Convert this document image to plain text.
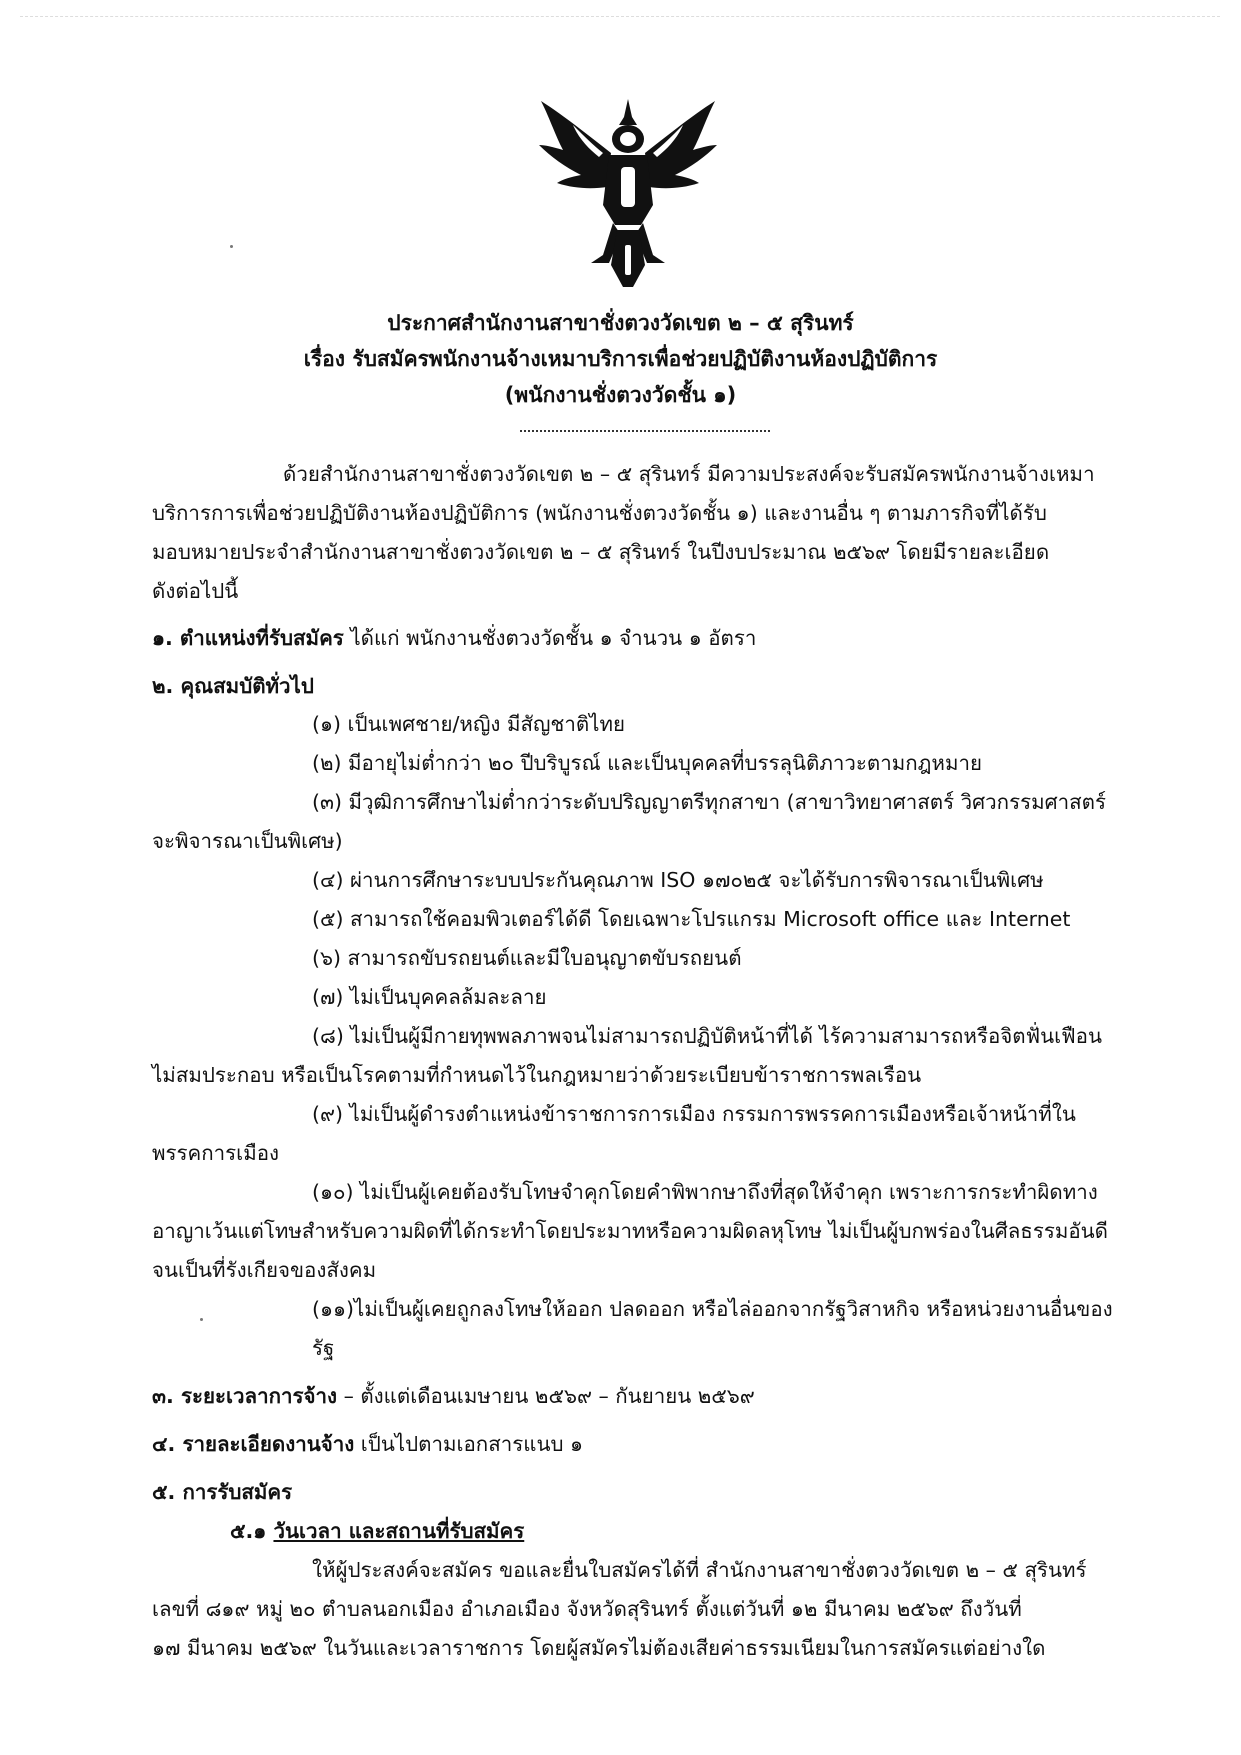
ประกาศสำนักงานสาขาชั่งตวงวัดเขต ๒ – ๕ สุรินทร์
เรื่อง รับสมัครพนักงานจ้างเหมาบริการเพื่อช่วยปฏิบัติงานห้องปฏิบัติการ
(พนักงานชั่งตวงวัดชั้น ๑)
ด้วยสำนักงานสาขาชั่งตวงวัดเขต ๒ – ๕ สุรินทร์ มีความประสงค์จะรับสมัครพนักงานจ้างเหมา
บริการการเพื่อช่วยปฏิบัติงานห้องปฏิบัติการ (พนักงานชั่งตวงวัดชั้น ๑) และงานอื่น ๆ ตามภารกิจที่ได้รับ
มอบหมายประจำสำนักงานสาขาชั่งตวงวัดเขต ๒ – ๕ สุรินทร์ ในปีงบประมาณ ๒๕๖๙ โดยมีรายละเอียด
ดังต่อไปนี้
๑. ตำแหน่งที่รับสมัคร ได้แก่ พนักงานชั่งตวงวัดชั้น ๑ จำนวน ๑ อัตรา
๒. คุณสมบัติทั่วไป
(๑) เป็นเพศชาย/หญิง มีสัญชาติไทย
(๒) มีอายุไม่ต่ำกว่า ๒๐ ปีบริบูรณ์ และเป็นบุคคลที่บรรลุนิติภาวะตามกฎหมาย
(๓) มีวุฒิการศึกษาไม่ต่ำกว่าระดับปริญญาตรีทุกสาขา (สาขาวิทยาศาสตร์ วิศวกรรมศาสตร์
จะพิจารณาเป็นพิเศษ)
(๔) ผ่านการศึกษาระบบประกันคุณภาพ ISO ๑๗๐๒๕ จะได้รับการพิจารณาเป็นพิเศษ
(๕) สามารถใช้คอมพิวเตอร์ได้ดี โดยเฉพาะโปรแกรม Microsoft office และ Internet
(๖) สามารถขับรถยนต์และมีใบอนุญาตขับรถยนต์
(๗) ไม่เป็นบุคคลล้มละลาย
(๘) ไม่เป็นผู้มีกายทุพพลภาพจนไม่สามารถปฏิบัติหน้าที่ได้ ไร้ความสามารถหรือจิตฟั่นเฟือน
ไม่สมประกอบ หรือเป็นโรคตามที่กำหนดไว้ในกฎหมายว่าด้วยระเบียบข้าราชการพลเรือน
(๙) ไม่เป็นผู้ดำรงตำแหน่งข้าราชการการเมือง กรรมการพรรคการเมืองหรือเจ้าหน้าที่ใน
พรรคการเมือง
(๑๐) ไม่เป็นผู้เคยต้องรับโทษจำคุกโดยคำพิพากษาถึงที่สุดให้จำคุก เพราะการกระทำผิดทาง
อาญาเว้นแต่โทษสำหรับความผิดที่ได้กระทำโดยประมาทหรือความผิดลหุโทษ ไม่เป็นผู้บกพร่องในศีลธรรมอันดี
จนเป็นที่รังเกียจของสังคม
(๑๑)ไม่เป็นผู้เคยถูกลงโทษให้ออก ปลดออก หรือไล่ออกจากรัฐวิสาหกิจ หรือหน่วยงานอื่นของ
รัฐ
๓. ระยะเวลาการจ้าง – ตั้งแต่เดือนเมษายน ๒๕๖๙ – กันยายน ๒๕๖๙
๔. รายละเอียดงานจ้าง เป็นไปตามเอกสารแนบ ๑
๕. การรับสมัคร
๕.๑ วันเวลา และสถานที่รับสมัคร
ให้ผู้ประสงค์จะสมัคร ขอและยื่นใบสมัครได้ที่ สำนักงานสาขาชั่งตวงวัดเขต ๒ – ๕ สุรินทร์
เลขที่ ๘๑๙ หมู่ ๒๐ ตำบลนอกเมือง อำเภอเมือง จังหวัดสุรินทร์ ตั้งแต่วันที่ ๑๒ มีนาคม ๒๕๖๙ ถึงวันที่
๑๗ มีนาคม ๒๕๖๙ ในวันและเวลาราชการ โดยผู้สมัครไม่ต้องเสียค่าธรรมเนียมในการสมัครแต่อย่างใด
